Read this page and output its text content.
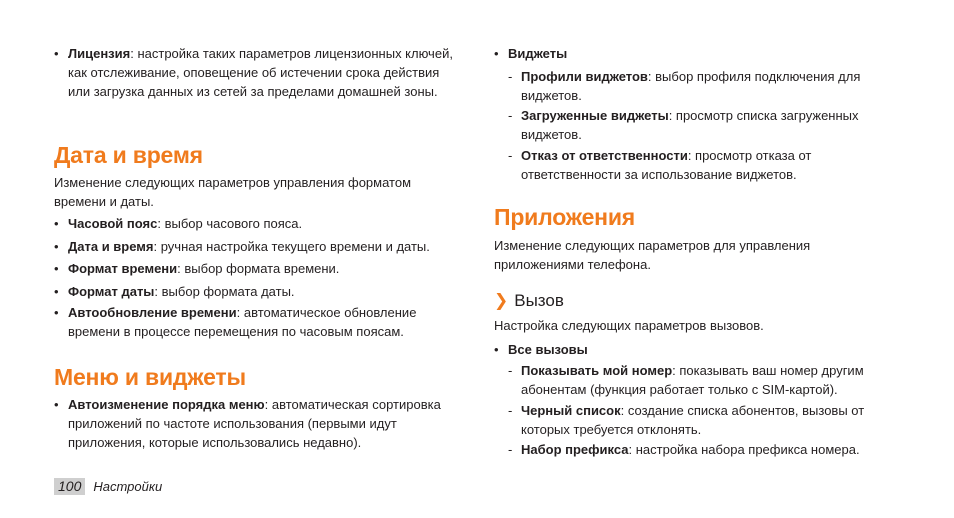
• Лицензия: настройка таких параметров лицензионных ключей, как отслеживание, оповещение об истечении срока действия или загрузка данных из сетей за пределами домашней зоны.
Дата и время
Изменение следующих параметров управления форматом времени и даты.
• Часовой пояс: выбор часового пояса.
• Дата и время: ручная настройка текущего времени и даты.
• Формат времени: выбор формата времени.
• Формат даты: выбор формата даты.
• Автообновление времени: автоматическое обновление времени в процессе перемещения по часовым поясам.
Меню и виджеты
• Автоизменение порядка меню: автоматическая сортировка приложений по частоте использования (первыми идут приложения, которые использовались недавно).
• Виджеты
- Профили виджетов: выбор профиля подключения для виджетов.
- Загруженные виджеты: просмотр списка загруженных виджетов.
- Отказ от ответственности: просмотр отказа от ответственности за использование виджетов.
Приложения
Изменение следующих параметров для управления приложениями телефона.
❯ Вызов
Настройка следующих параметров вызовов.
• Все вызовы
- Показывать мой номер: показывать ваш номер другим абонентам (функция работает только с SIM-картой).
- Черный список: создание списка абонентов, вызовы от которых требуется отклонять.
- Набор префикса: настройка набора префикса номера.
100 Настройки
